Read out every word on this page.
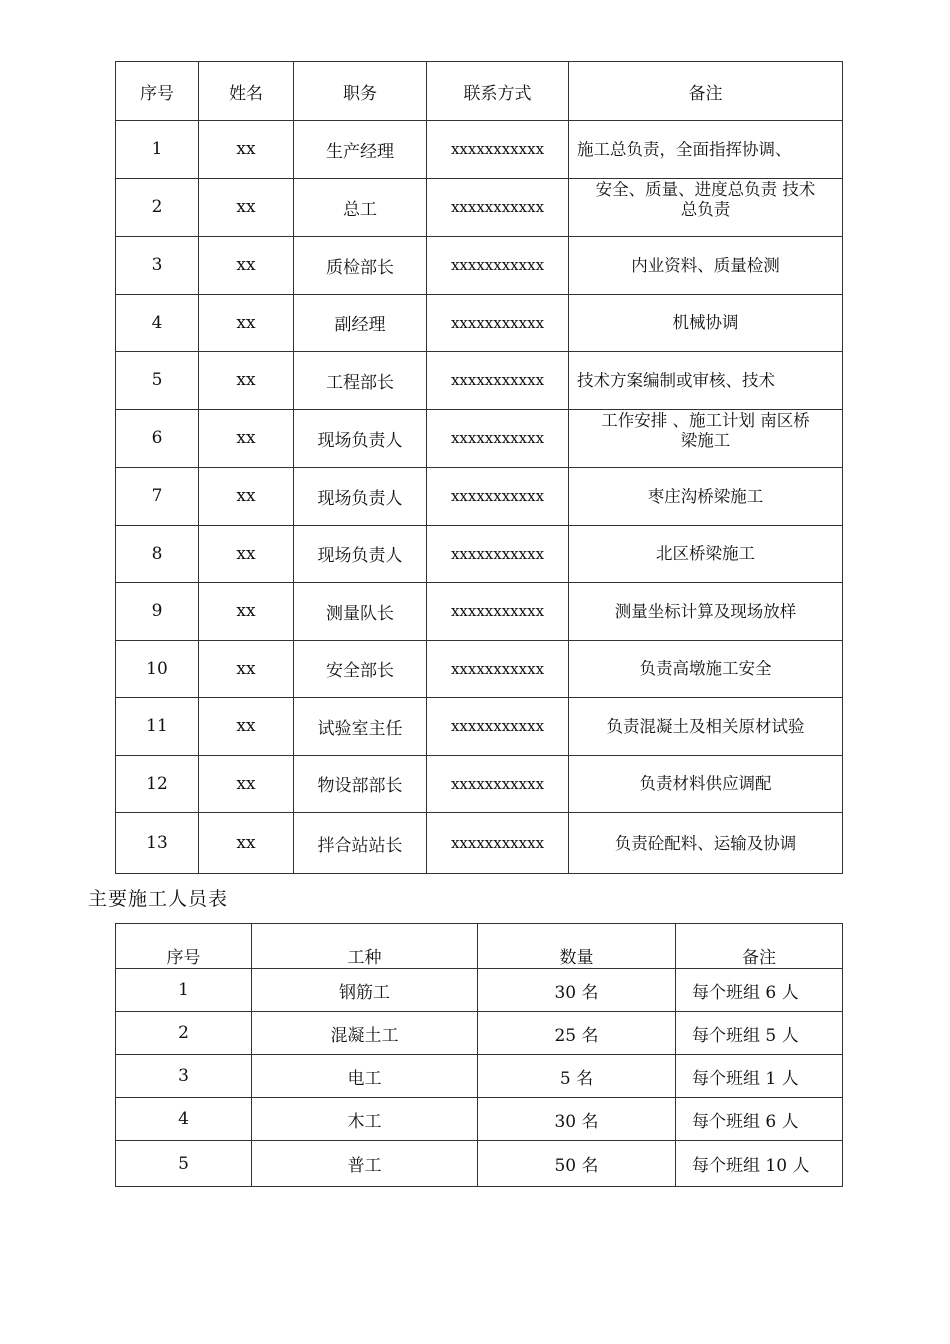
序号	姓名	职务	联系方式	备注
1	xx	生产经理	xxxxxxxxxxx	施工总负责，全面指挥协调、
2	xx	总工	xxxxxxxxxxx	安全、质量、进度总负责 技术
总负责

3	xx	质检部长	xxxxxxxxxxx	内业资料、质量检测
4	xx	副经理	xxxxxxxxxxx	机械协调
5	xx	工程部长	xxxxxxxxxxx	技术方案编制或审核、技术
6	xx	现场负责人	xxxxxxxxxxx	工作安排 、施工计划 南区桥
梁施工

7	xx	现场负责人	xxxxxxxxxxx	枣庄沟桥梁施工
8	xx	现场负责人	xxxxxxxxxxx	北区桥梁施工
9	xx	测量队长	xxxxxxxxxxx	测量坐标计算及现场放样
10	xx	安全部长	xxxxxxxxxxx	负责高墩施工安全
11	xx	试验室主任	xxxxxxxxxxx	负责混凝土及相关原材试验
12	xx	物设部部长	xxxxxxxxxxx	负责材料供应调配
13	xx	拌合站站长	xxxxxxxxxxx	负责砼配料、运输及协调
主要施工人员表
序号	工种	数量	备注
1	钢筋工	30 名	每个班组 6 人
2	混凝土工	25 名	每个班组 5 人
3	电工	5 名	每个班组 1 人
4	木工	30 名	每个班组 6 人
5	普工	50 名	每个班组 10 人
